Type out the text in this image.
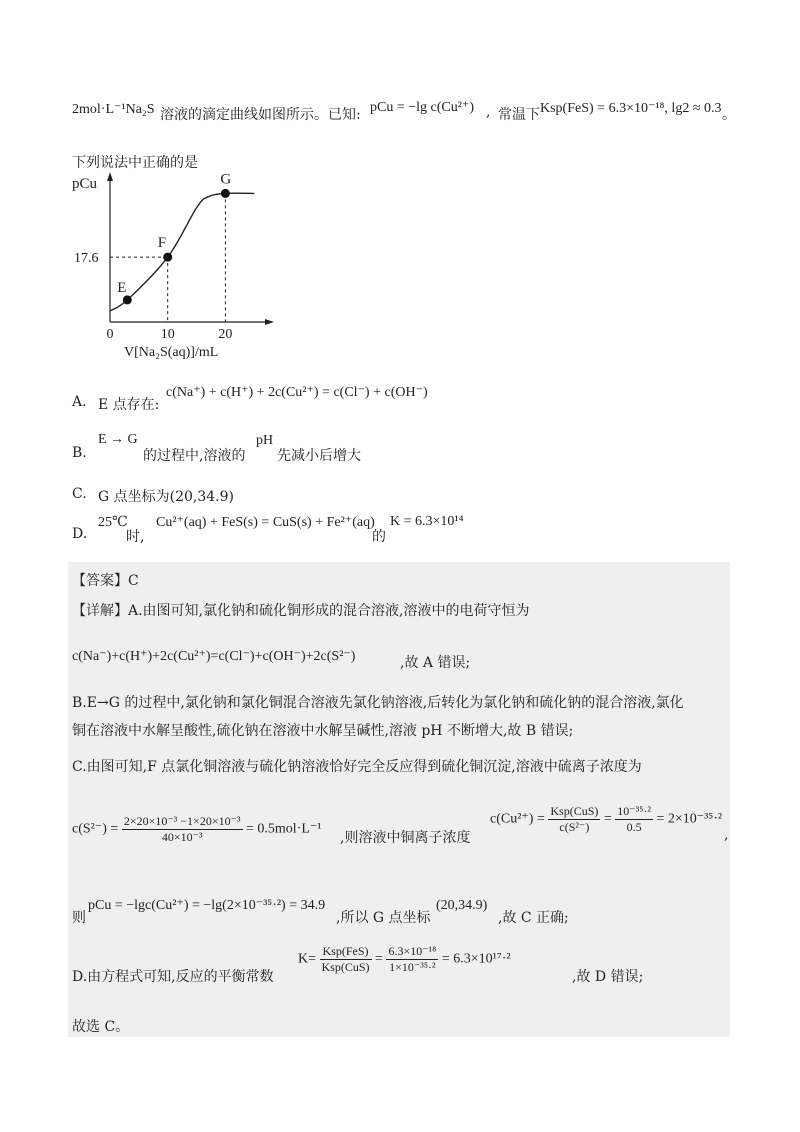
2mol·L⁻¹Na₂S 溶液的滴定曲线如图所示。已知: pCu = −lg c(Cu²⁺) , 常温下 Ksp(FeS) = 6.3×10⁻¹⁸, lg2 ≈ 0.3 。
下列说法中正确的是
pCu
V[Na₂S(aq)]/mL
0	10	20
17.6
E
F
G
A. E 点存在:
c(Na⁺) + c(H⁺) + 2c(Cu²⁺) = c(Cl⁻) + c(OH⁻)
B.
E → G
的过程中,溶液的
pH
先减小后增大
C. G 点坐标为(20,34.9)
D.
25℃
时,
Cu²⁺(aq) + FeS(s) = CuS(s) + Fe²⁺(aq)
的
K = 6.3×10¹⁴
【答案】C
【详解】 A.由图可知,氯化钠和硫化铜形成的混合溶液,溶液中的电荷守恒为
c(Na⁻)+c(H⁺)+2c(Cu²⁺)=c(Cl⁻)+c(OH⁻)+2c(S²⁻)	,故 A 错误;
B.E→G 的过程中,氯化钠和氯化铜混合溶液先氯化钠溶液,后转化为氯化钠和硫化钠的混合溶液,氯化
铜在溶液中水解呈酸性,硫化钠在溶液中水解呈碱性,溶液 pH 不断增大,故 B 错误;
C.由图可知,F 点氯化铜溶液与硫化钠溶液恰好完全反应得到硫化铜沉淀,溶液中硫离子浓度为
$c(S^{2-}) = \frac{\text{2×20×10⁻³ −1×20×10⁻³}}{\text{40×10⁻³}} = 0.5mol\cdot L^{-1}$
,则溶液中铜离子浓度
$c(Cu^{2+}) = \frac{\text{Ksp(CuS)}}{\text{c(S²⁻)}} = \frac{\text{10⁻³⁵·²}}{0.5} = 2\times 10^{-35}\cdot^2$
,
则
pCu = −lgc(Cu²⁺) = −lg(2×10⁻³⁵·²) = 34.9
,所以 G 点坐标
(20,34.9)
,故 C 正确;
D.由方程式可知,反应的平衡常数
$K= \frac{\text{Ksp(FeS)}}{\text{Ksp(CuS)}} = \frac{\text{6.3×10⁻¹⁸}}{\text{1×10⁻³⁵·²}} = 6.3\times 10^{17}\cdot^2$
,故 D 错误;
故选 C。
